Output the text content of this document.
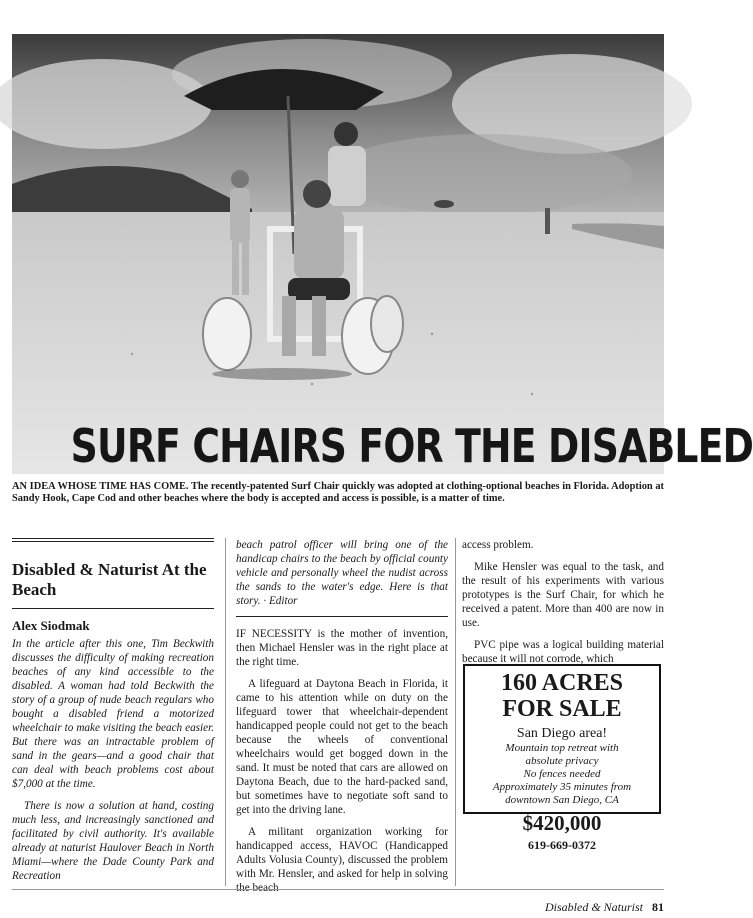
SURF CHAIRS FOR THE DISABLED
AN IDEA WHOSE TIME HAS COME. The recently-patented Surf Chair quickly was adopted at clothing-optional beaches in Florida. Adoption at Sandy Hook, Cape Cod and other beaches where the body is accepted and access is possible, is a matter of time.
Disabled & Naturist At the Beach
Alex Siodmak

In the article after this one, Tim Beckwith discusses the difficulty of making recreation beaches of any kind accessible to the disabled. A woman had told Beckwith the story of a group of nude beach regulars who bought a disabled friend a motorized wheelchair to make visiting the beach easier. But there was an intractable problem of sand in the gears—and a good chair that can deal with beach problems cost about $7,000 at the time.

There is now a solution at hand, costing much less, and increasingly sanctioned and facilitated by civil authority. It's available already at naturist Haulover Beach in North Miami—where the Dade County Park and Recreation

beach patrol officer will bring one of the handicap chairs to the beach by official county vehicle and personally wheel the nudist across the sands to the water's edge. Here is that story. · Editor

IF NECESSITY is the mother of invention, then Michael Hensler was in the right place at the right time.

A lifeguard at Daytona Beach in Florida, it came to his attention while on duty on the lifeguard tower that wheelchair-dependent handicapped people could not get to the beach because the wheels of conventional wheelchairs would get bogged down in the sand. It must be noted that cars are allowed on Daytona Beach, due to the hard-packed sand, but sometimes have to negotiate soft sand to get into the driving lane.

A militant organization working for handicapped access, HAVOC (Handicapped Adults Volusia County), discussed the problem with Mr. Hensler, and asked for help in solving the beach

access problem.

Mike Hensler was equal to the task, and the result of his experiments with various prototypes is the Surf Chair, for which he received a patent. More than 400 are now in use.

PVC pipe was a logical building material because it will not corrode, which

160 ACRES
FOR SALE
San Diego area!
Mountain top retreat with
absolute privacy
No fences needed
Approximately 35 minutes from
downtown San Diego, CA
$420,000
619-669-0372
Disabled & Naturist 81
